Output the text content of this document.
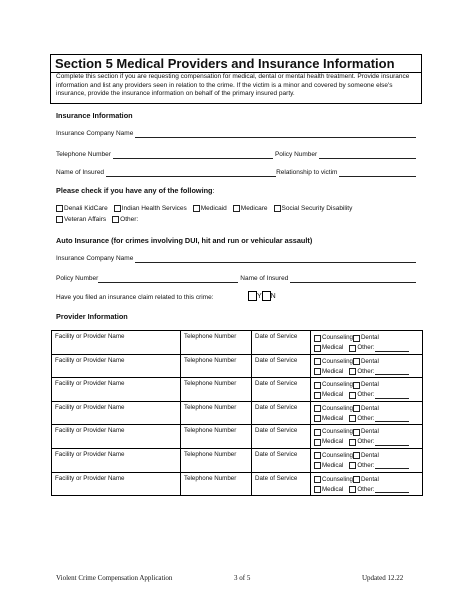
Section 5 Medical Providers and Insurance Information
Complete this section if you are requesting compensation for medical, dental or mental health treatment. Provide insurance information and list any providers seen in relation to the crime. If the victim is a minor and covered by someone else's insurance, provide the insurance information on behalf of the primary insured party.
Insurance Information
Insurance Company Name
Telephone Number	Policy Number
Name of Insured	Relationship to victim
Please check if you have any of the following:
Denali KidCare Indian Health Services Medicaid Medicare Social Security Disability
Veteran Affairs Other:
Auto Insurance (for crimes involving DUI, hit and run or vehicular assault)
Insurance Company Name
Policy Number	Name of Insured
Have you filed an insurance claim related to this crime:	Y N
Provider Information
Facility or Provider Name	Telephone Number	Date of Service	Counseling Dental
Medical Other:

Facility or Provider Name	Telephone Number	Date of Service	Counseling Dental
Medical Other:

Facility or Provider Name	Telephone Number	Date of Service	Counseling Dental
Medical Other:

Facility or Provider Name	Telephone Number	Date of Service	Counseling Dental
Medical Other:

Facility or Provider Name	Telephone Number	Date of Service	Counseling Dental
Medical Other:

Facility or Provider Name	Telephone Number	Date of Service	Counseling Dental
Medical Other:

Facility or Provider Name	Telephone Number	Date of Service	Counseling Dental
Medical Other:
Violent Crime Compensation Application	3 of 5	Updated 12.22
